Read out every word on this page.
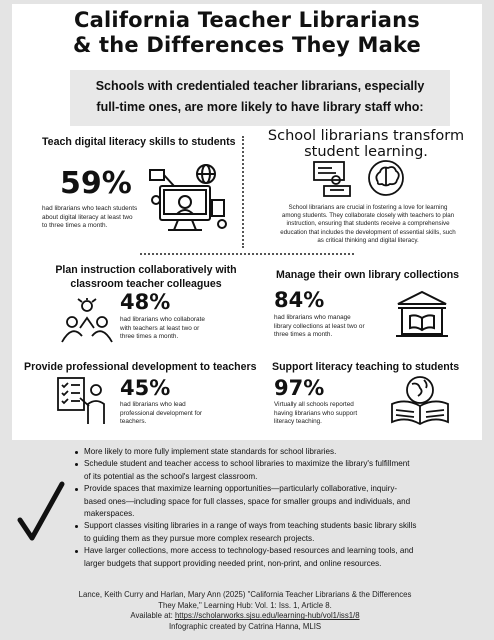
California Teacher Librarians
& the Differences They Make
Schools with credentialed teacher librarians, especially
full-time ones, are more likely to have library staff who:
Teach digital literacy skills to students
59%
had librarians who teach students
about digital literacy at least two
to three times a month.
School librarians transform
student learning.
School librarians are crucial in fostering a love for learning
among students. They collaborate closely with teachers to plan
instruction, ensuring that students receive a comprehensive
education that includes the development of essential skills, such
as critical thinking and digital literacy.
Plan instruction collaboratively with
classroom teacher colleagues
48%
had librarians who collaborate
with teachers at least two or
three times a month.
Manage their own library collections
84%
had librarians who manage
library collections at least two or
three times a month.
Provide professional development to teachers
45%
had librarians who lead
professional development for
teachers.
Support literacy teaching to students
97%
Virtually all schools reported
having librarians who support
literacy teaching.
More likely to more fully implement state standards for school libraries.
Schedule student and teacher access to school libraries to maximize the library's fulfillment
of its potential as the school's largest classroom.
Provide spaces that maximize learning opportunities—particularly collaborative, inquiry-
based ones—including space for full classes, space for smaller groups and individuals, and
makerspaces.
Support classes visiting libraries in a range of ways from teaching students basic library skills
to guiding them as they pursue more complex research projects.
Have larger collections, more access to technology-based resources and learning tools, and
larger budgets that support providing needed print, non-print, and online resources.
Lance, Keith Curry and Harlan, Mary Ann (2025) "California Teacher Librarians & the Differences
They Make," Learning Hub: Vol. 1: Iss. 1, Article 8.
Available at: https://scholarworks.sjsu.edu/learning-hub/vol1/iss1/8
Infographic created by Catrina Hanna, MLIS
